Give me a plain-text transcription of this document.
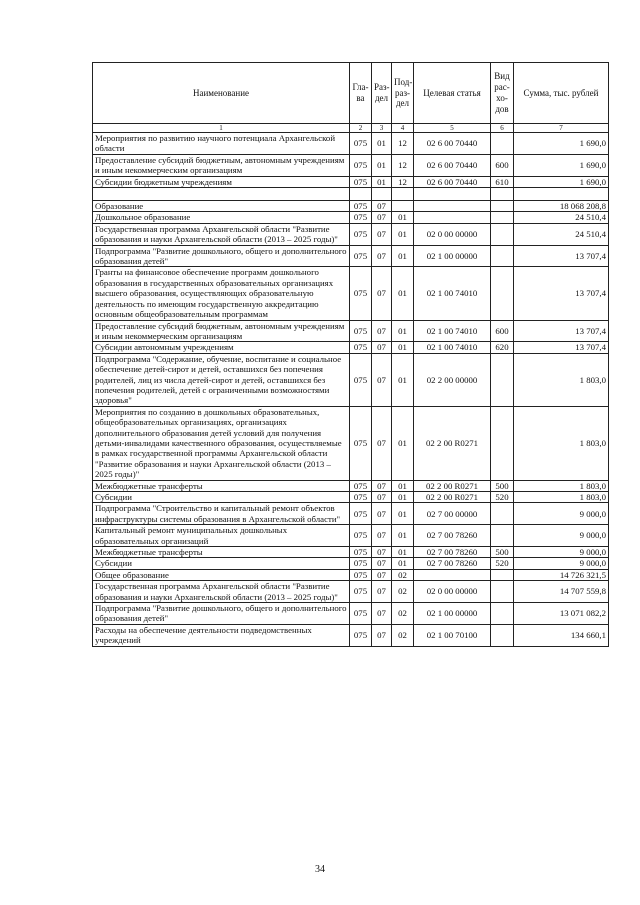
Наименование	Гла-ва	Раз-дел	Под-раз-дел	Целевая статья	Вид рас-хо-дов	Сумма, тыс. рублей
1	2	3	4	5	6	7
Мероприятия по развитию научного потенциала Архангельской области	075	01	12	02 6 00 70440		1 690,0
Предоставление субсидий бюджетным, автономным учреждениям и иным некоммерческим организациям	075	01	12	02 6 00 70440	600	1 690,0
Субсидии бюджетным учреждениям	075	01	12	02 6 00 70440	610	1 690,0

Образование	075	07				18 068 208,8
Дошкольное образование	075	07	01			24 510,4
Государственная программа Архангельской области "Развитие образования и науки Архангельской области (2013 – 2025 годы)"	075	07	01	02 0 00 00000		24 510,4
Подпрограмма "Развитие дошкольного, общего и дополнительного образования детей"	075	07	01	02 1 00 00000		13 707,4
Гранты на финансовое обеспечение программ дошкольного образования в государственных образовательных организациях высшего образования, осуществляющих образовательную деятельность по имеющим государственную аккредитацию основным общеобразовательным программам	075	07	01	02 1 00 74010		13 707,4
Предоставление субсидий бюджетным, автономным учреждениям и иным некоммерческим организациям	075	07	01	02 1 00 74010	600	13 707,4
Субсидии автономным учреждениям	075	07	01	02 1 00 74010	620	13 707,4
Подпрограмма "Содержание, обучение, воспитание и социальное обеспечение детей-сирот и детей, оставшихся без попечения родителей, лиц из числа детей-сирот и детей, оставшихся без попечения родителей, детей с ограниченными возможностями здоровья"	075	07	01	02 2 00 00000		1 803,0
Мероприятия по созданию в дошкольных образовательных, общеобразовательных организациях, организациях дополнительного образования детей условий для получения детьми-инвалидами качественного образования, осуществляемые в рамках государственной программы Архангельской области "Развитие образования и науки Архангельской области (2013 – 2025 годы)"	075	07	01	02 2 00 R0271		1 803,0
Межбюджетные трансферты	075	07	01	02 2 00 R0271	500	1 803,0
Субсидии	075	07	01	02 2 00 R0271	520	1 803,0
Подпрограмма "Строительство и капитальный ремонт объектов инфраструктуры системы образования в Архангельской области"	075	07	01	02 7 00 00000		9 000,0
Капитальный ремонт муниципальных дошкольных образовательных организаций	075	07	01	02 7 00 78260		9 000,0
Межбюджетные трансферты	075	07	01	02 7 00 78260	500	9 000,0
Субсидии	075	07	01	02 7 00 78260	520	9 000,0
Общее образование	075	07	02			14 726 321,5
Государственная программа Архангельской области "Развитие образования и науки Архангельской области (2013 – 2025 годы)"	075	07	02	02 0 00 00000		14 707 559,8
Подпрограмма "Развитие дошкольного, общего и дополнительного образования детей"	075	07	02	02 1 00 00000		13 071 082,2
Расходы на обеспечение деятельности подведомственных учреждений	075	07	02	02 1 00 70100		134 660,1
34
